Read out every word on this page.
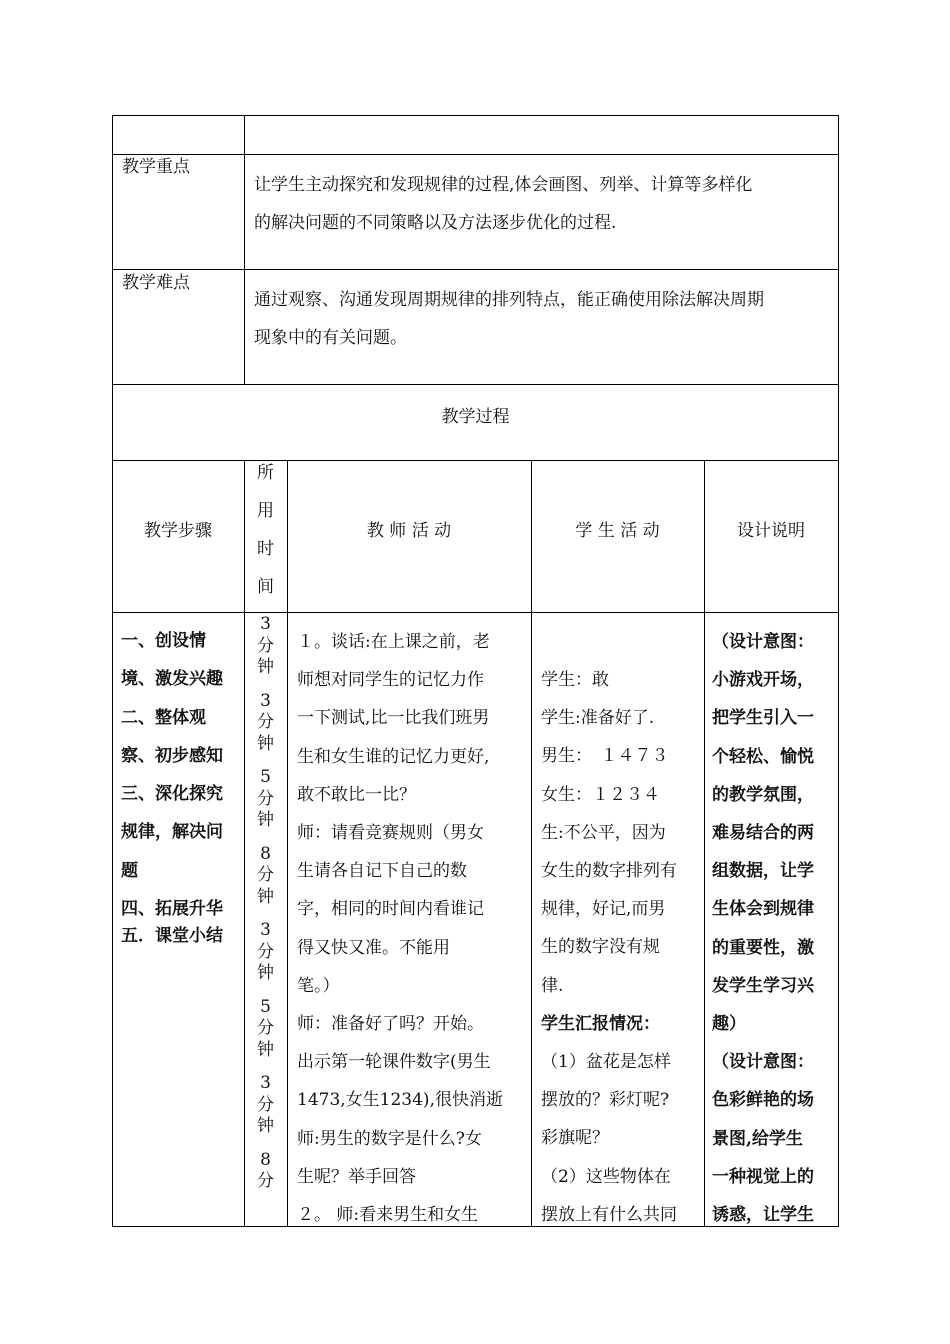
教学重点
让学生主动探究和发现规律的过程,体会画图、列举、计算等多样化
的解决问题的不同策略以及方法逐步优化的过程.
教学难点
通过观察、沟通发现周期规律的排列特点，能正确使用除法解决周期
现象中的有关问题。
教学过程
教学步骤
所
用
时
间
教 师 活 动	学 生 活 动	设计说明
一、创设情
境、激发兴趣
二、整体观
察、初步感知
三、深化探究
规律，解决问
题
四、拓展升华
五．课堂小结
3
分
钟
3
分
钟
5
分
钟
8
分
钟
3
分
钟
5
分
钟
3
分
钟
8
分
１。谈话:在上课之前，老
师想对同学生的记忆力作
一下测试,比一比我们班男
生和女生谁的记忆力更好,
敢不敢比一比？
师：请看竞赛规则（男女
生请各自记下自己的数
字，相同的时间内看谁记
得又快又准。不能用
笔。）
师：准备好了吗？开始。
出示第一轮课件数字(男生
1473,女生1234),很快消逝
师:男生的数字是什么?女
生呢？举手回答
２。 师:看来男生和女生
学生：敢
学生:准备好了.
男生：　１４７３
女生：１２３４
生:不公平，因为
女生的数字排列有
规律，好记,而男
生的数字没有规
律.
学生汇报情况：
（1）盆花是怎样
摆放的？彩灯呢?
彩旗呢？
（2）这些物体在
摆放上有什么共同
（设计意图：
小游戏开场，
把学生引入一
个轻松、愉悦
的教学氛围，
难易结合的两
组数据，让学
生体会到规律
的重要性，激
发学生学习兴
趣）
（设计意图：
色彩鲜艳的场
景图,给学生
一种视觉上的
诱惑，让学生
